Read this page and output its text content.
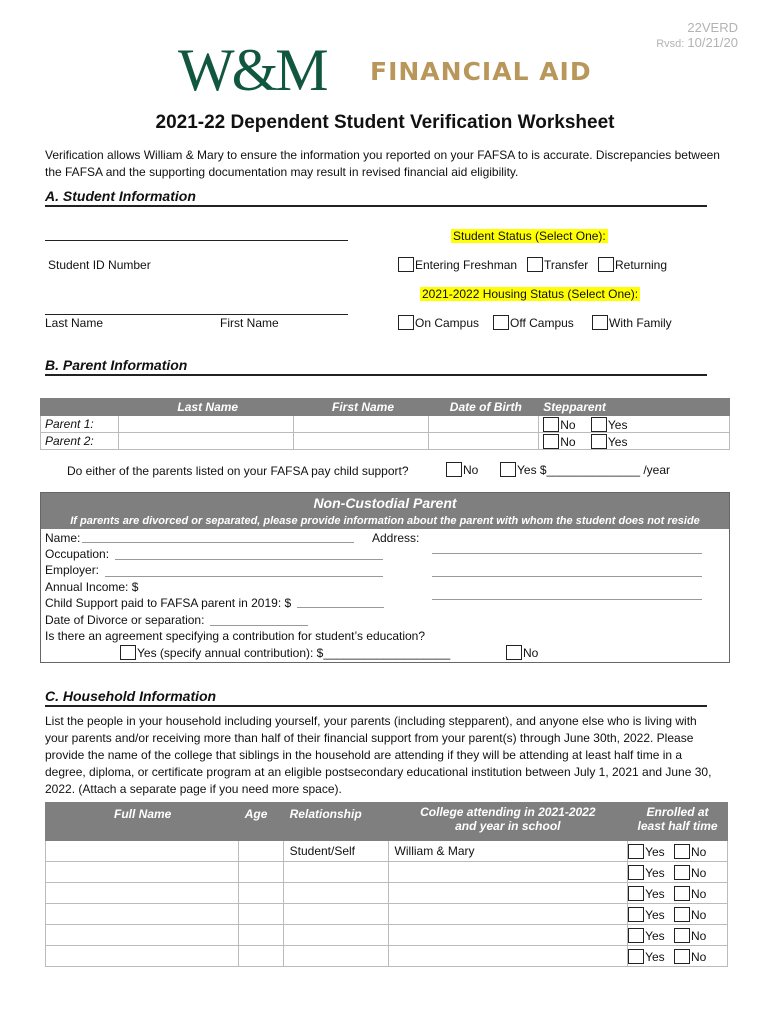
22VERD
Rvsd: 10/21/20
W&M FINANCIAL AID
2021-22 Dependent Student Verification Worksheet
Verification allows William & Mary to ensure the information you reported on your FAFSA to is accurate. Discrepancies between the FAFSA and the supporting documentation may result in revised financial aid eligibility.
A. Student Information
Student ID Number
Last Name	First Name
Student Status (Select One):
Entering Freshman	Transfer	Returning
2021-2022 Housing Status (Select One):
On Campus	Off Campus	With Family
B. Parent Information
	Last Name	First Name	Date of Birth	Stepparent
Parent 1:				No Yes
Parent 2:				No Yes
Do either of the parents listed on your FAFSA pay child support?	No	Yes $______________ /year
Non-Custodial Parent
If parents are divorced or separated, please provide information about the parent with whom the student does not reside
Name:	Address:
Occupation:
Employer:
Annual Income: $
Child Support paid to FAFSA parent in 2019: $
Date of Divorce or separation:
Is there an agreement specifying a contribution for student’s education?
Yes (specify annual contribution): $___________________	No
C. Household Information
List the people in your household including yourself, your parents (including stepparent), and anyone else who is living with your parents and/or receiving more than half of their financial support from your parent(s) through June 30th, 2022. Please provide the name of the college that siblings in the household are attending if they will be attending at least half time in a degree, diploma, or certificate program at an eligible postsecondary educational institution between July 1, 2021 and June 30, 2022. (Attach a separate page if you need more space).
Full Name	Age	Relationship	College attending in 2021-2022 and year in school	Enrolled at least half time
		Student/Self	William & Mary	Yes No
				Yes No
				Yes No
				Yes No
				Yes No
				Yes No
